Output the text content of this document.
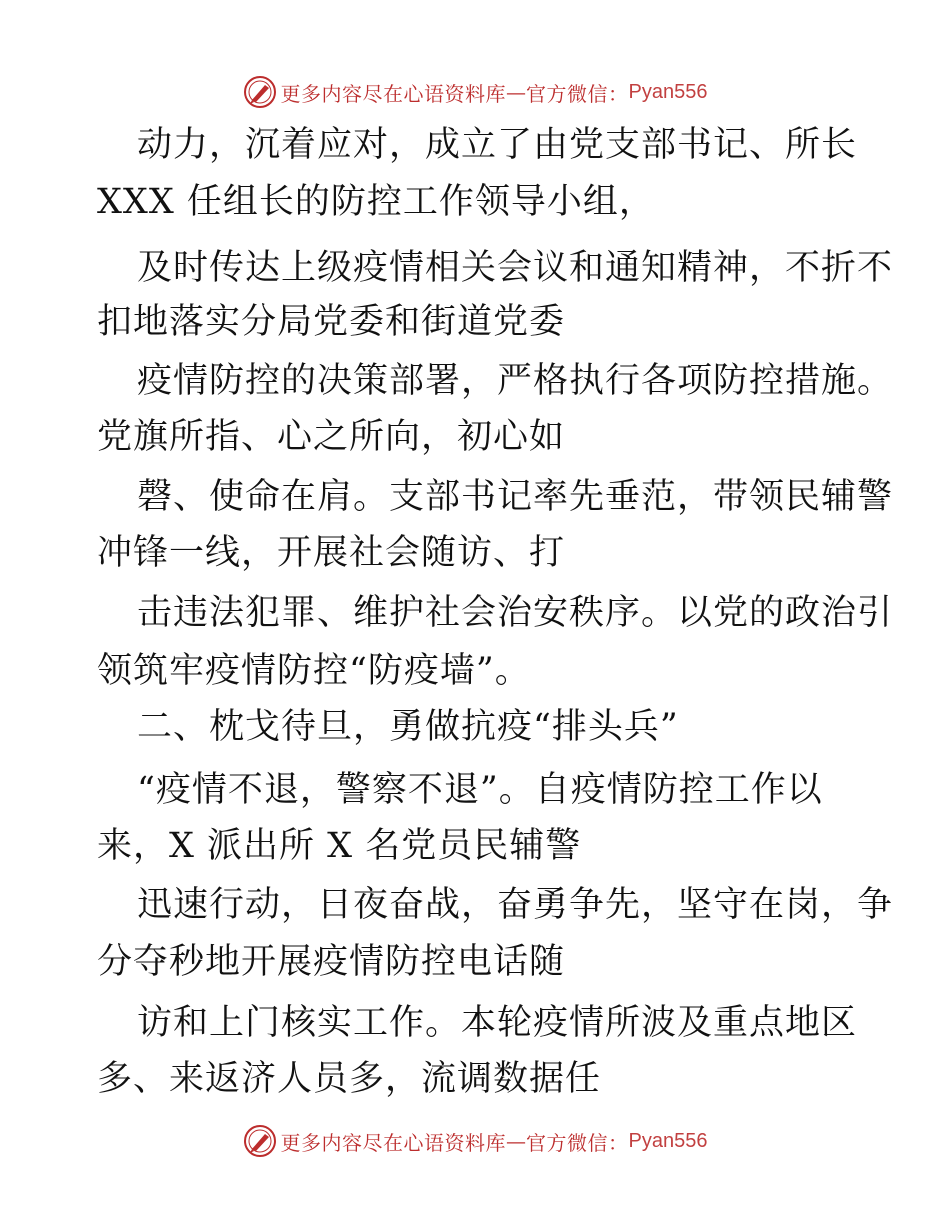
更多内容尽在心语资料库 — 官方微信： Pyan556
动力，沉着应对，成立了由党支部书记、所长
XXX 任组长的防控工作领导小组，
及时传达上级疫情相关会议和通知精神，不折不
扣地落实分局党委和街道党委
疫情防控的决策部署，严格执行各项防控措施。
党旗所指、心之所向，初心如
磬、使命在肩。支部书记率先垂范，带领民辅警
冲锋一线，开展社会随访、打
击违法犯罪、维护社会治安秩序。以党的政治引
领筑牢疫情防控“防疫墙”。
二、枕戈待旦，勇做抗疫“排头兵”
“疫情不退，警察不退”。自疫情防控工作以
来，X 派出所 X 名党员民辅警
迅速行动，日夜奋战，奋勇争先，坚守在岗，争
分夺秒地开展疫情防控电话随
访和上门核实工作。本轮疫情所波及重点地区
多、来返济人员多，流调数据任
更多内容尽在心语资料库 — 官方微信： Pyan556
